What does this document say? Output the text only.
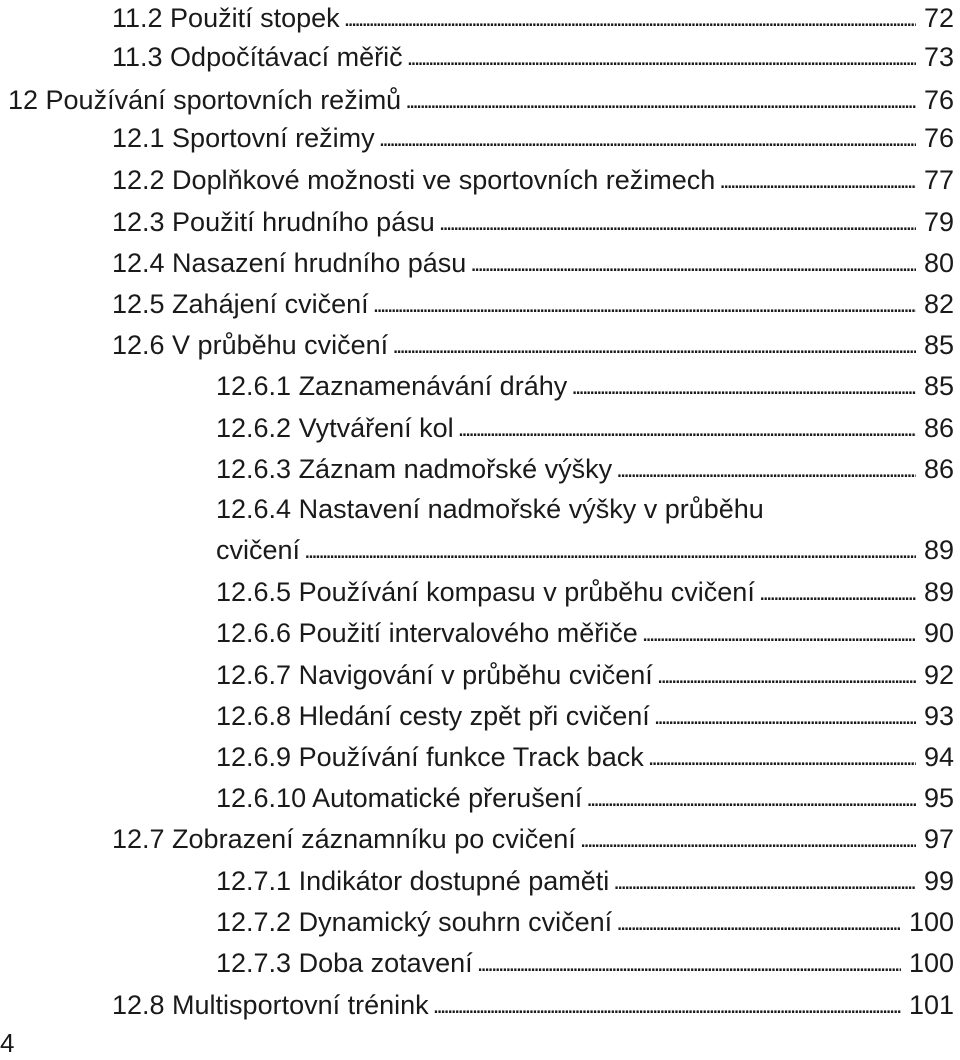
11.2 Použití stopek . . .	72
11.3 Odpočítávací měřič . . .	73
12 Používání sportovních režimů . . .	76
12.1 Sportovní režimy . . .	76
12.2 Doplňkové možnosti ve sportovních režimech . . .	77
12.3 Použití hrudního pásu . . .	79
12.4 Nasazení hrudního pásu . . .	80
12.5 Zahájení cvičení . . .	82
12.6 V průběhu cvičení . . .	85
12.6.1 Zaznamenávání dráhy . . .	85
12.6.2 Vytváření kol . . .	86
12.6.3 Záznam nadmořské výšky . . .	86
12.6.4 Nastavení nadmořské výšky v průběhu
cvičení . . .	89
12.6.5 Používání kompasu v průběhu cvičení . . .	89
12.6.6 Použití intervalového měřiče . . .	90
12.6.7 Navigování v průběhu cvičení . . .	92
12.6.8 Hledání cesty zpět při cvičení . . .	93
12.6.9 Používání funkce Track back . . .	94
12.6.10 Automatické přerušení . . .	95
12.7 Zobrazení záznamníku po cvičení . . .	97
12.7.1 Indikátor dostupné paměti . . .	99
12.7.2 Dynamický souhrn cvičení . . .	100
12.7.3 Doba zotavení . . .	100
12.8 Multisportovní trénink . . .	101
4
